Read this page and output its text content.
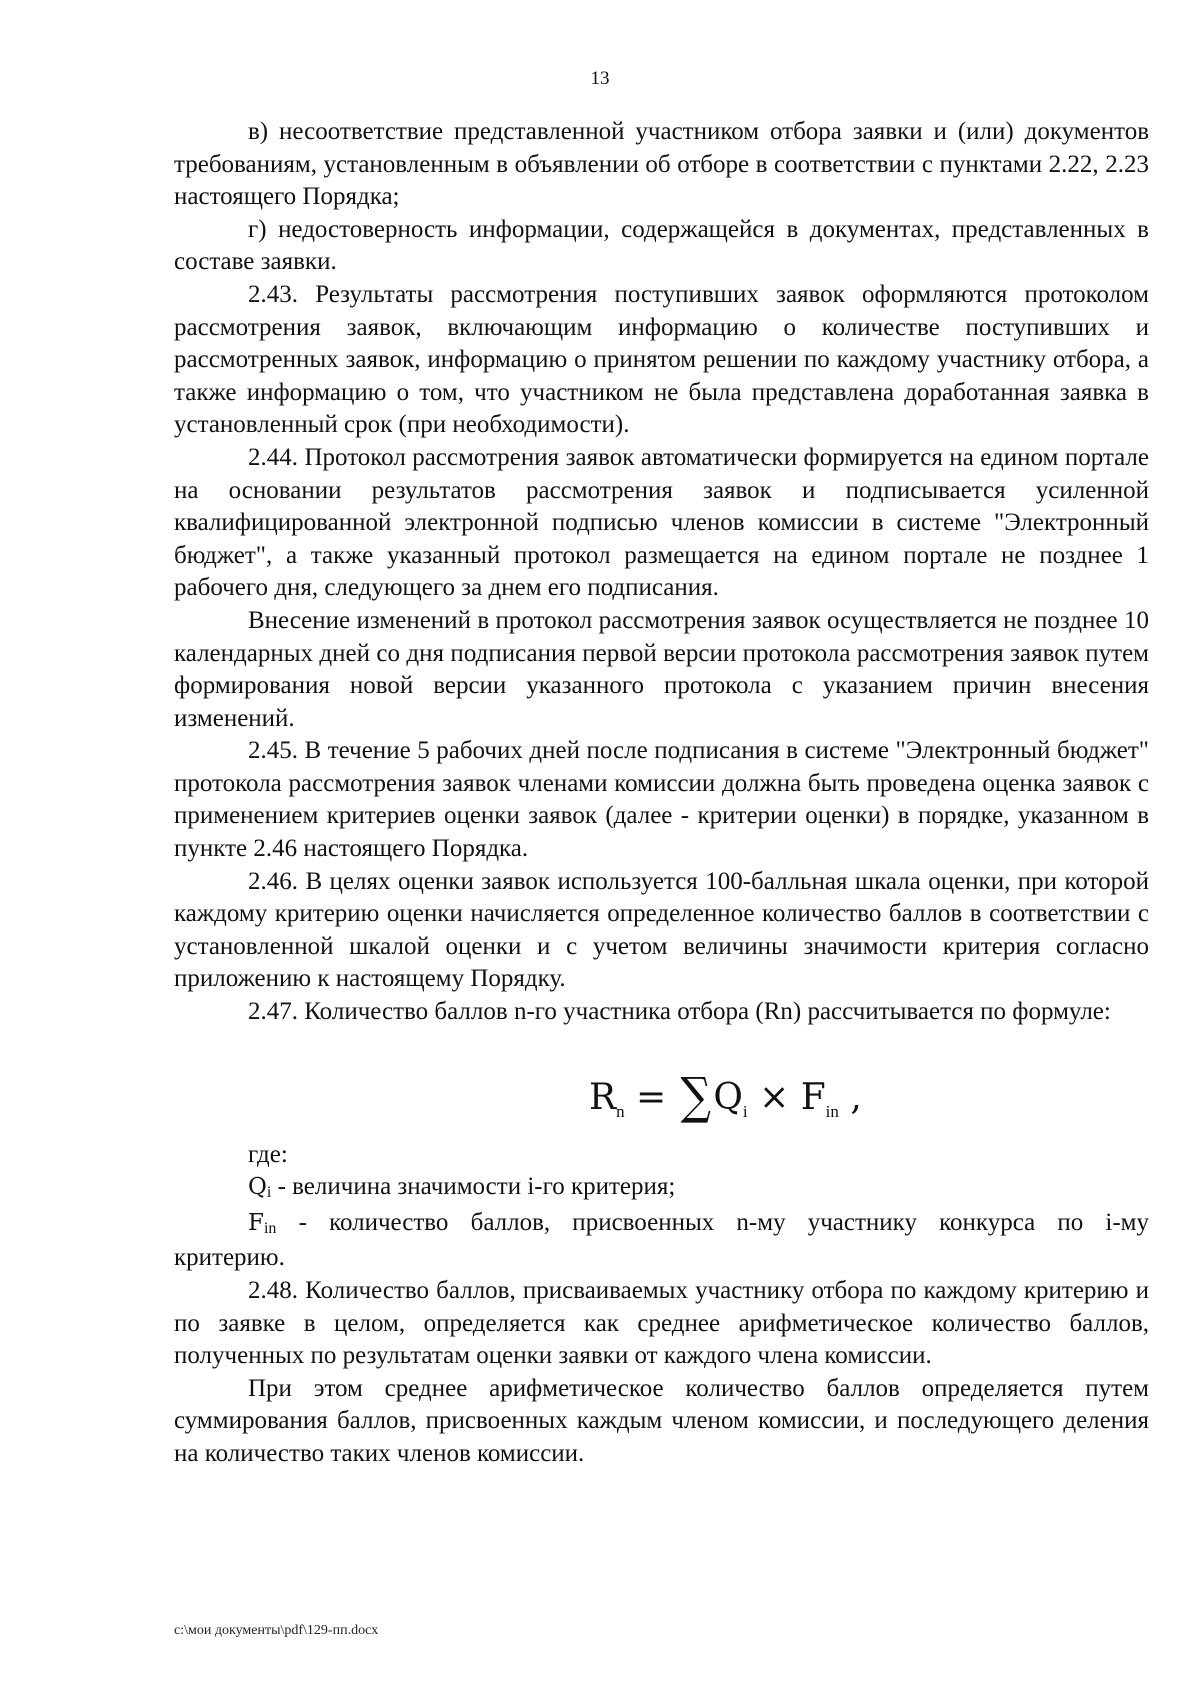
13

в) несоответствие представленной участником отбора заявки и (или) документов требованиям, установленным в объявлении об отборе в соответствии с пунктами 2.22, 2.23 настоящего Порядка;

г) недостоверность информации, содержащейся в документах, представленных в составе заявки.

2.43. Результаты рассмотрения поступивших заявок оформляются протоколом рассмотрения заявок, включающим информацию о количестве поступивших и рассмотренных заявок, информацию о принятом решении по каждому участнику отбора, а также информацию о том, что участником не была представлена доработанная заявка в установленный срок (при необходимости).

2.44. Протокол рассмотрения заявок автоматически формируется на едином портале на основании результатов рассмотрения заявок и подписывается усиленной квалифицированной электронной подписью членов комиссии в системе "Электронный бюджет", а также указанный протокол размещается на едином портале не позднее 1 рабочего дня, следующего за днем его подписания.

Внесение изменений в протокол рассмотрения заявок осуществляется не позднее 10 календарных дней со дня подписания первой версии протокола рассмотрения заявок путем формирования новой версии указанного протокола с указанием причин внесения изменений.

2.45. В течение 5 рабочих дней после подписания в системе "Электронный бюджет" протокола рассмотрения заявок членами комиссии должна быть проведена оценка заявок с применением критериев оценки заявок (далее - критерии оценки) в порядке, указанном в пункте 2.46 настоящего Порядка.

2.46. В целях оценки заявок используется 100-балльная шкала оценки, при которой каждому критерию оценки начисляется определенное количество баллов в соответствии с установленной шкалой оценки и с учетом величины значимости критерия согласно приложению к настоящему Порядку.

2.47. Количество баллов n-го участника отбора (Rn) рассчитывается по формуле:

$R_n = \sum Q_i \times F_{in}$ ,

где:

Qi - величина значимости i-го критерия;

Fin - количество баллов, присвоенных n-му участнику конкурса по i-му

критерию.

2.48. Количество баллов, присваиваемых участнику отбора по каждому критерию и по заявке в целом, определяется как среднее арифметическое количество баллов, полученных по результатам оценки заявки от каждого члена комиссии.

При этом среднее арифметическое количество баллов определяется путем суммирования баллов, присвоенных каждым членом комиссии, и последующего деления на количество таких членов комиссии.

c:\мои документы\pdf\129-пп.docx
